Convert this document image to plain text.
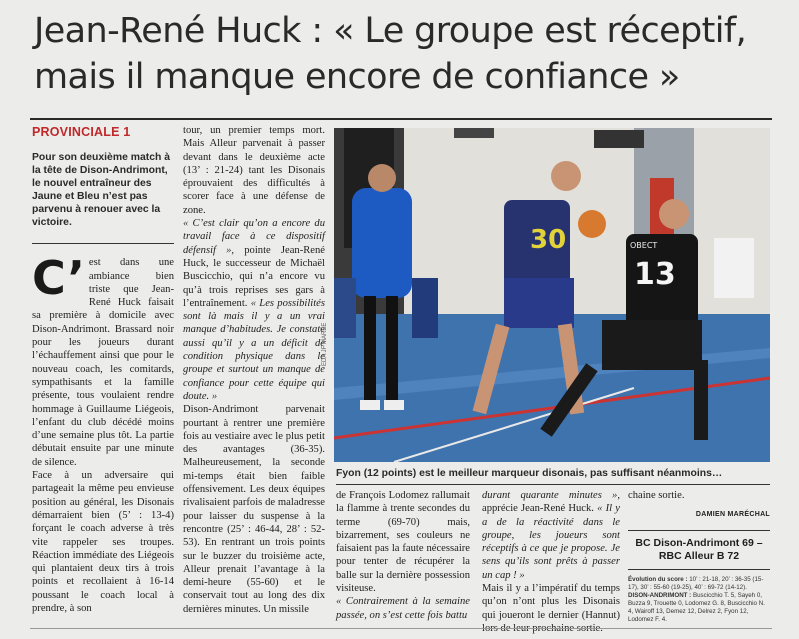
Jean-René Huck : « Le groupe est réceptif, mais il manque encore de confiance »
PROVINCIALE 1
Pour son deuxième match à la tête de Dison-Andrimont, le nouvel entraîneur des Jaune et Bleu n’est pas parvenu à renouer avec la victoire.

C’ est dans une ambiance bien triste que Jean-René Huck faisait sa première à domicile avec Dison-Andrimont. Brassard noir pour les joueurs durant l’échauffement ainsi que pour le nouveau coach, les comitards, sympathisants et la famille présente, tous voulaient rendre hommage à Guillaume Liégeois, l’enfant du club décédé moins d’une semaine plus tôt. La partie débutait ensuite par une minute de silence.

Face à un adversaire qui partageait la même peu envieuse position au général, les Disonais démarraient bien (5’ : 13-4) forçant le coach adverse à très vite rappeler ses troupes. Réaction immédiate des Liégeois qui plantaient deux tirs à trois points et recollaient à 16-14 poussant le coach local à prendre, à son

tour, un premier temps mort. Mais Alleur parvenait à passer devant dans le deuxième acte (13’ : 21-24) tant les Disonais éprouvaient des difficultés à scorer face à une défense de zone.

« C’est clair qu’on a encore du travail face à ce dispositif défensif », pointe Jean-René Huck, le successeur de Michaël Buscicchio, qui n’a encore vu qu’à trois reprises ses gars à l’entraînement. « Les possibilités sont là mais il y a un vrai manque d’habitudes. Je constate aussi qu’il y a un déficit de condition physique dans le groupe et surtout un manque de confiance pour cette équipe qui doute. »

Dison-Andrimont parvenait pourtant à rentrer une première fois au vestiaire avec le plus petit des avantages (36-35). Malheureusement, la seconde mi-temps était bien faible offensivement. Les deux équipes rivalisaient parfois de maladresse pour laisser du suspense à la rencontre (25’ : 46-44, 28’ : 52-53). En rentrant un trois points sur le buzzer du troisième acte, Alleur prenait l’avantage à la demi-heure (55-60) et le conservait tout au long des dix dernières minutes. Un missile

30	OBECT
13
EDA JF MARÉE
Fyon (12 points) est le meilleur marqueur disonais, pas suffisant néanmoins…

de François Lodomez rallumait la flamme à trente secondes du terme (69-70) mais, bizarrement, ses couleurs ne faisaient pas la faute nécessaire pour tenter de récupérer la balle sur la dernière possession visiteuse.

« Contrairement à la semaine passée, on s’est cette fois battu

durant quarante minutes », apprécie Jean-René Huck. « Il y a de la réactivité dans le groupe, les joueurs sont réceptifs à ce que je propose. Je sens qu’ils sont prêts à passer un cap ! »

Mais il y a l’impératif du temps qu’on n’ont plus les Disonais qui joueront le dernier (Hannut)

chaine sortie.

DAMIEN MARÉCHAL
BC Dison-Andrimont 69 –
RBC Alleur B 72
Évolution du score : 10’ : 21-18, 20’ : 36-35 (15-17), 30’ : 55-60 (19-25), 40’ : 69-72 (14-12).
DISON-ANDRIMONT : Buscicchio T. 5, Sayeh 0, Buzza 9, Trouette 0, Lodomez G. 8, Buscicchio N. 4, Wairoff 13, Demez 12, Delrez 2, Fyon 12, Lodomez F. 4.
